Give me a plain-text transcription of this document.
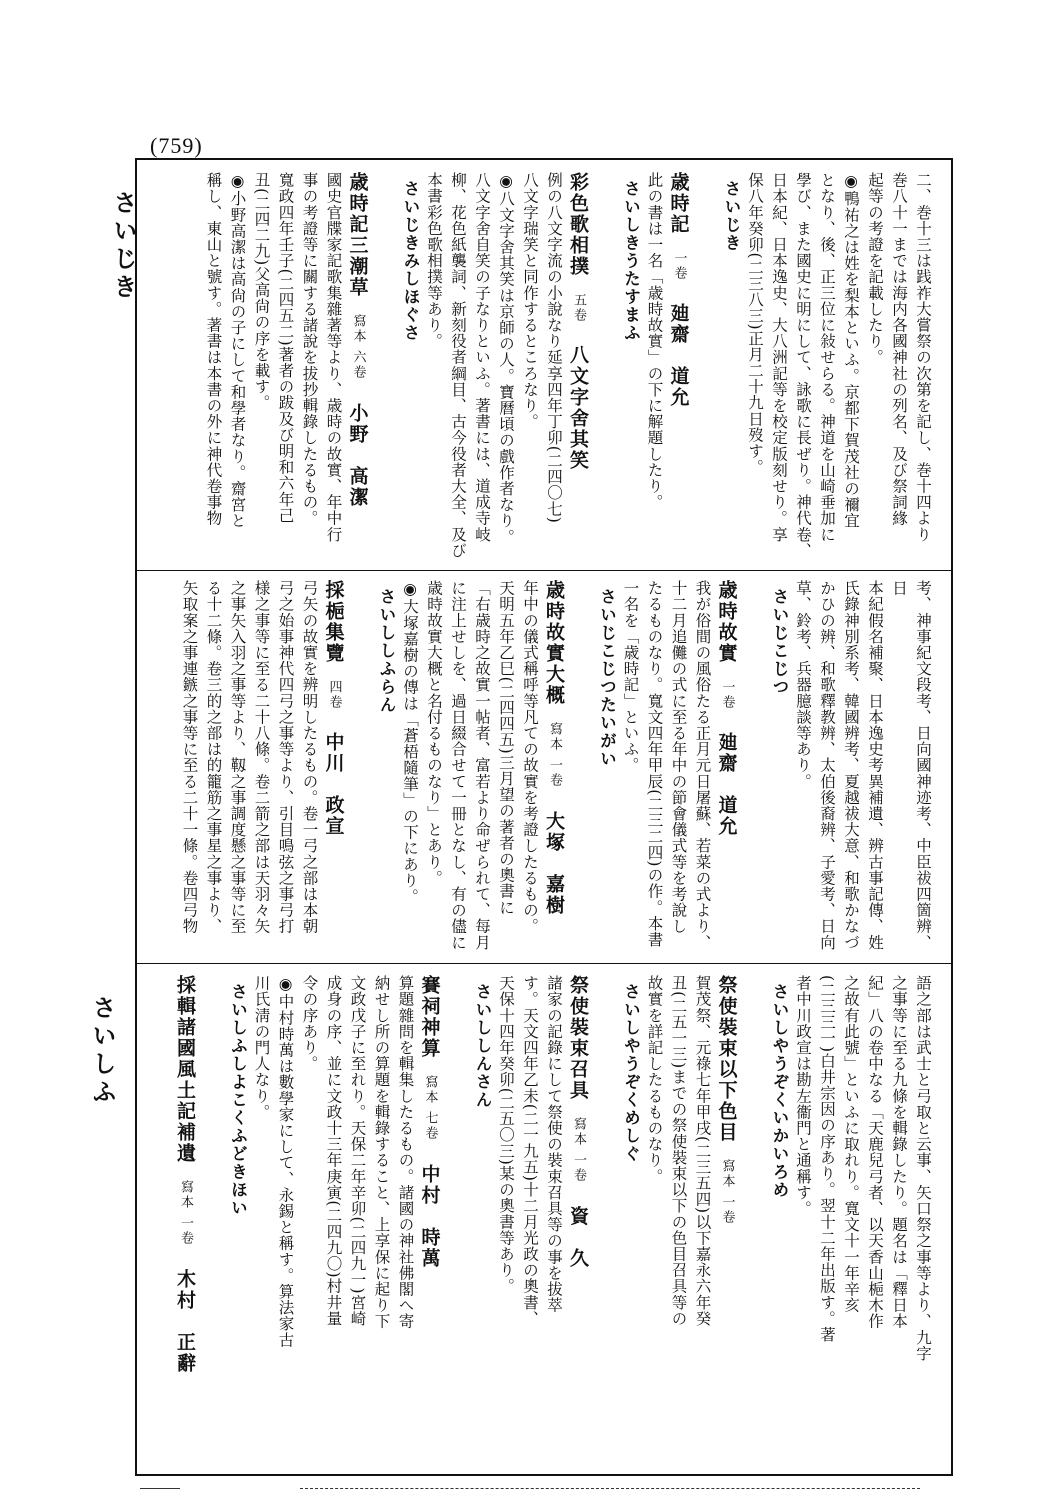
(759)
さいじき
さいしふ

二、巻十三は践祚大嘗祭の次第を記し、巻十四より

巻八十一までは海内各國神社の列名、及び祭詞緣

起等の考證を記載したり。

◉鴨祐之は姓を梨本といふ。京都下賀茂社の禰宜

となり、後、正三位に敍せらる。神道を山崎垂加に

學び、また國史に明にして、詠歌に長ぜり。神代卷、

日本紀、日本逸史、大八洲記等を校定版刻せり。享

保八年癸卯(二三八三)正月二十九日歿す。

さいじき

歳時記一卷廸齋　道允

此の書は一名「歳時故實」の下に解題したり。

さいしきうたすまふ

彩色歌相撲五卷八文字舍其笑

例の八文字流の小說なり延享四年丁卯(二四〇七)

八文字瑞笑と同作するところなり。

◉八文字舍其笑は京師の人。寶曆頃の戲作者なり。

八文字舍自笑の子なりといふ。著書には、道成寺岐

柳、花色紙襲詞、新刻役者綱目、古今役者大全、及び

本書彩色歌相撲等あり。

さいじきみしほぐさ

歳時記三潮草寫本 六卷小野　高潔

國史官牒家記歌集雜著等より、歳時の故實、年中行

事の考證等に關する諸說を拔抄輯錄したるもの。

寬政四年壬子(二四五二)著者の跋及び明和六年己

丑(二四二九)父高尙の序を載す。

◉小野高潔は高尙の子にして和學者なり。齋宮と

稱し、東山と號す。著書は本書の外に神代卷事物

考、神事紀文段考、日向國神迹考、中臣祓四箇辨、日

本紀假名補聚、日本逸史考異補遺、辨古事記傳、姓

氏錄神別系考、韓國辨考、夏越祓大意、和歌かなづ

かひの辨、和歌釋教辨、太伯後裔辨、子愛考、日向

草、鈴考、兵器臆談等あり。

さいじこじつ

歳時故實一卷廸齋　道允

我が俗間の風俗たる正月元日屠蘇、若菜の式より、

十二月追儺の式に至る年中の節會儀式等を考說し

たるものなり。寬文四年甲辰(二三二四)の作。本書

一名を「歳時記」といふ。

さいじこじつたいがい

歳時故實大概寫本 一卷大塚　嘉樹

年中の儀式稱呼等凡ての故實を考證したるもの。

天明五年乙巳(二四四五)三月望の著者の奧書に

「右歳時之故實一帖者、富若より命ぜられて、每月

に注上せしを、過日綴合せて一冊となし、有の儘に

歳時故實大概と名付るものなり」とあり。

◉大塚嘉樹の傳は「蒼梧隨筆」の下にあり。

さいししふらん

採梔集覽四卷中川　政宣

弓矢の故實を辨明したるもの。卷一弓之部は本朝

弓之始事神代四弓之事等より、引目鳴弦之事弓打

様之事等に至る二十八條。卷二箭之部は天羽々矢

之事矢入羽之事等より、靱之事調度懸之事等に至

る十二條。卷三的之部は的籠筋之事星之事より、

矢取案之事連鏃之事等に至る二十一條。卷四弓物

語之部は武士と弓取と云事、矢口祭之事等より、九字

之事等に至る九條を輯錄したり。題名は「釋日本

紀」八の卷中なる「天鹿兒弓者、以天香山梔木作

之故有此號」といふに取れり。寬文十一年辛亥

(二三三一)白井宗因の序あり。翌十二年出版す。著

者中川政宣は勘左衞門と通稱す。

さいしやうぞくいかいろめ

祭使裝束以下色目寫本 一卷

賀茂祭、元祿七年甲戌(二三五四)以下嘉永六年癸

丑(二五一三)までの祭使裝束以下の色目召具等の

故實を詳記したるものなり。

さいしやうぞくめしぐ

祭使裝束召具寫本 一卷資　久

諸家の記錄にして祭使の裝束召具等の事を拔萃

す。天文四年乙未(二一九五)十二月光政の奧書、

天保十四年癸卯(二五〇三)某の奧書等あり。

さいししんさん

賽祠神算寫本 七卷中村　時萬

算題雜問を輯集したるもの。諸國の神社佛閣へ寄

納せし所の算題を輯錄すること、上享保に起り下

文政戊子に至れり。天保二年辛卯(二四九一)宮崎

成身の序、並に文政十三年庚寅(二四九〇)村井量

令の序あり。

◉中村時萬は數學家にして、永錫と稱す。算法家古

川氏淸の門人なり。

さいしふしよこくふどきほい

採輯諸國風土記補遺寫本 一卷木村　正辭
